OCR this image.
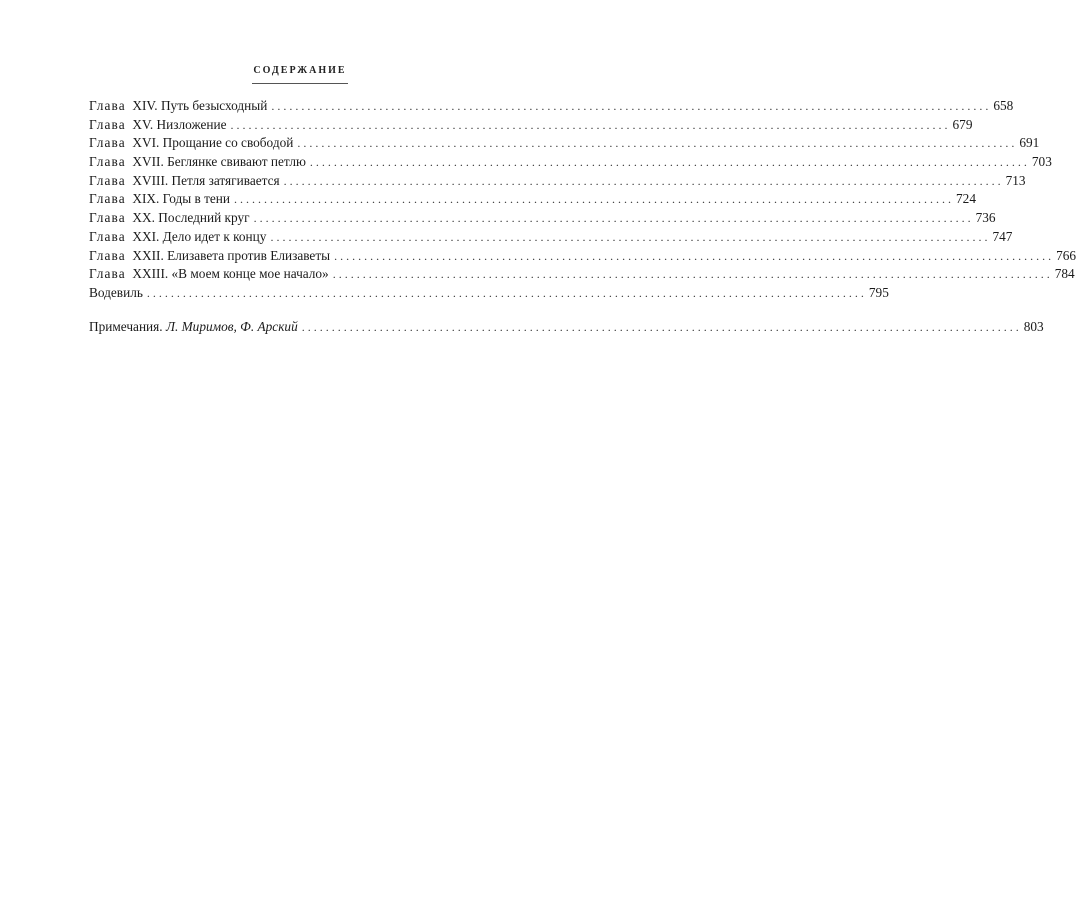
СОДЕРЖАНИЕ
Глава XIV. Путь безысходный ........................................................................................................................ 658
Глава XV. Низложение ........................................................................................................................ 679
Глава XVI. Прощание со свободой ........................................................................................................................ 691
Глава XVII. Беглянке свивают петлю ........................................................................................................................ 703
Глава XVIII. Петля затягивается ........................................................................................................................ 713
Глава XIX. Годы в тени ........................................................................................................................ 724
Глава XX. Последний круг ........................................................................................................................ 736
Глава XXI. Дело идет к концу ........................................................................................................................ 747
Глава XXII. Елизавета против Елизаветы ........................................................................................................................ 766
Глава XXIII. «В моем конце мое начало» ........................................................................................................................ 784
Водевиль ........................................................................................................................ 795
Примечания. Л. Миримов, Ф. Арский ........................................................................................................................ 803
